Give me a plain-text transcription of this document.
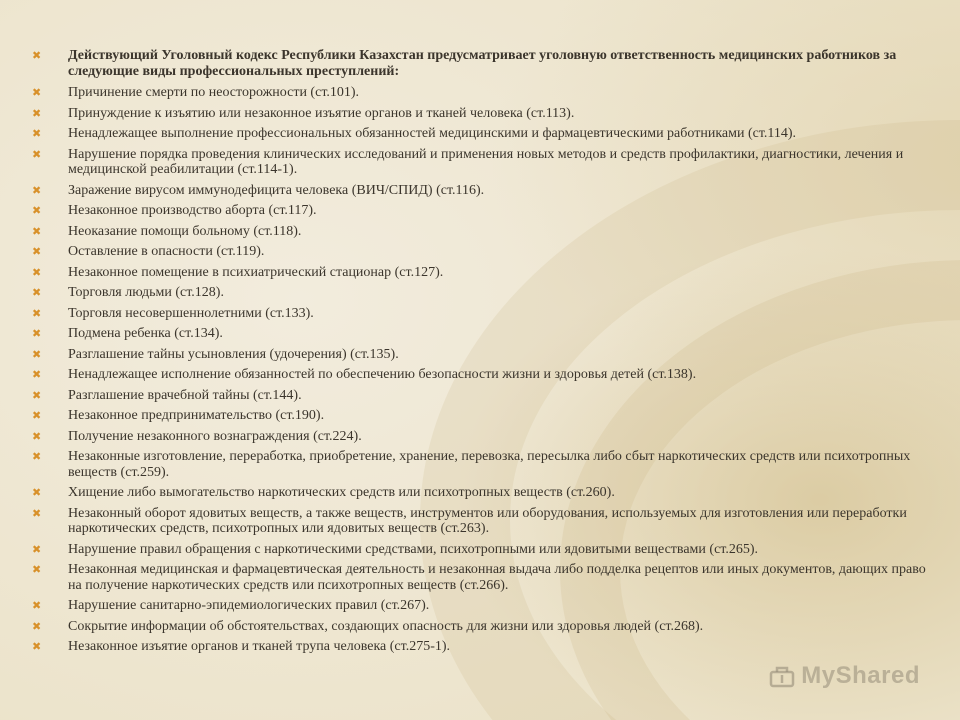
✖ Действующий Уголовный кодекс Республики Казахстан предусматривает уголовную ответственность медицинских работников за следующие виды профессиональных преступлений:
✖ Причинение смерти по неосторожности (ст.101).
✖ Принуждение к изъятию или незаконное изъятие органов и тканей человека (ст.113).
✖ Ненадлежащее выполнение профессиональных обязанностей медицинскими и фармацевтическими работниками (ст.114).
✖ Нарушение порядка проведения клинических исследований и применения новых методов и средств профилактики, диагностики, лечения и медицинской реабилитации (ст.114-1).
✖ Заражение вирусом иммунодефицита человека (ВИЧ/СПИД) (ст.116).
✖ Незаконное производство аборта (ст.117).
✖ Неоказание помощи больному (ст.118).
✖ Оставление в опасности (ст.119).
✖ Незаконное помещение в психиатрический стационар (ст.127).
✖ Торговля людьми (ст.128).
✖ Торговля несовершеннолетними (ст.133).
✖ Подмена ребенка (ст.134).
✖ Разглашение тайны усыновления (удочерения) (ст.135).
✖ Ненадлежащее исполнение обязанностей по обеспечению безопасности жизни и здоровья детей (ст.138).
✖ Разглашение врачебной тайны (ст.144).
✖ Незаконное предпринимательство (ст.190).
✖ Получение незаконного вознаграждения (ст.224).
✖ Незаконные изготовление, переработка, приобретение, хранение, перевозка, пересылка либо сбыт наркотических средств или психотропных веществ (ст.259).
✖ Хищение либо вымогательство наркотических средств или психотропных веществ (ст.260).
✖ Незаконный оборот ядовитых веществ, а также веществ, инструментов или оборудования, используемых для изготовления или переработки наркотических средств, психотропных или ядовитых веществ (ст.263).
✖ Нарушение правил обращения с наркотическими средствами, психотропными или ядовитыми веществами (ст.265).
✖ Незаконная медицинская и фармацевтическая деятельность и незаконная выдача либо подделка рецептов или иных документов, дающих право на получение наркотических средств или психотропных веществ (ст.266).
✖ Нарушение санитарно-эпидемиологических правил (ст.267).
✖ Сокрытие информации об обстоятельствах, создающих опасность для жизни или здоровья людей (ст.268).
✖ Незаконное изъятие органов и тканей трупа человека (ст.275-1).
MyShared
